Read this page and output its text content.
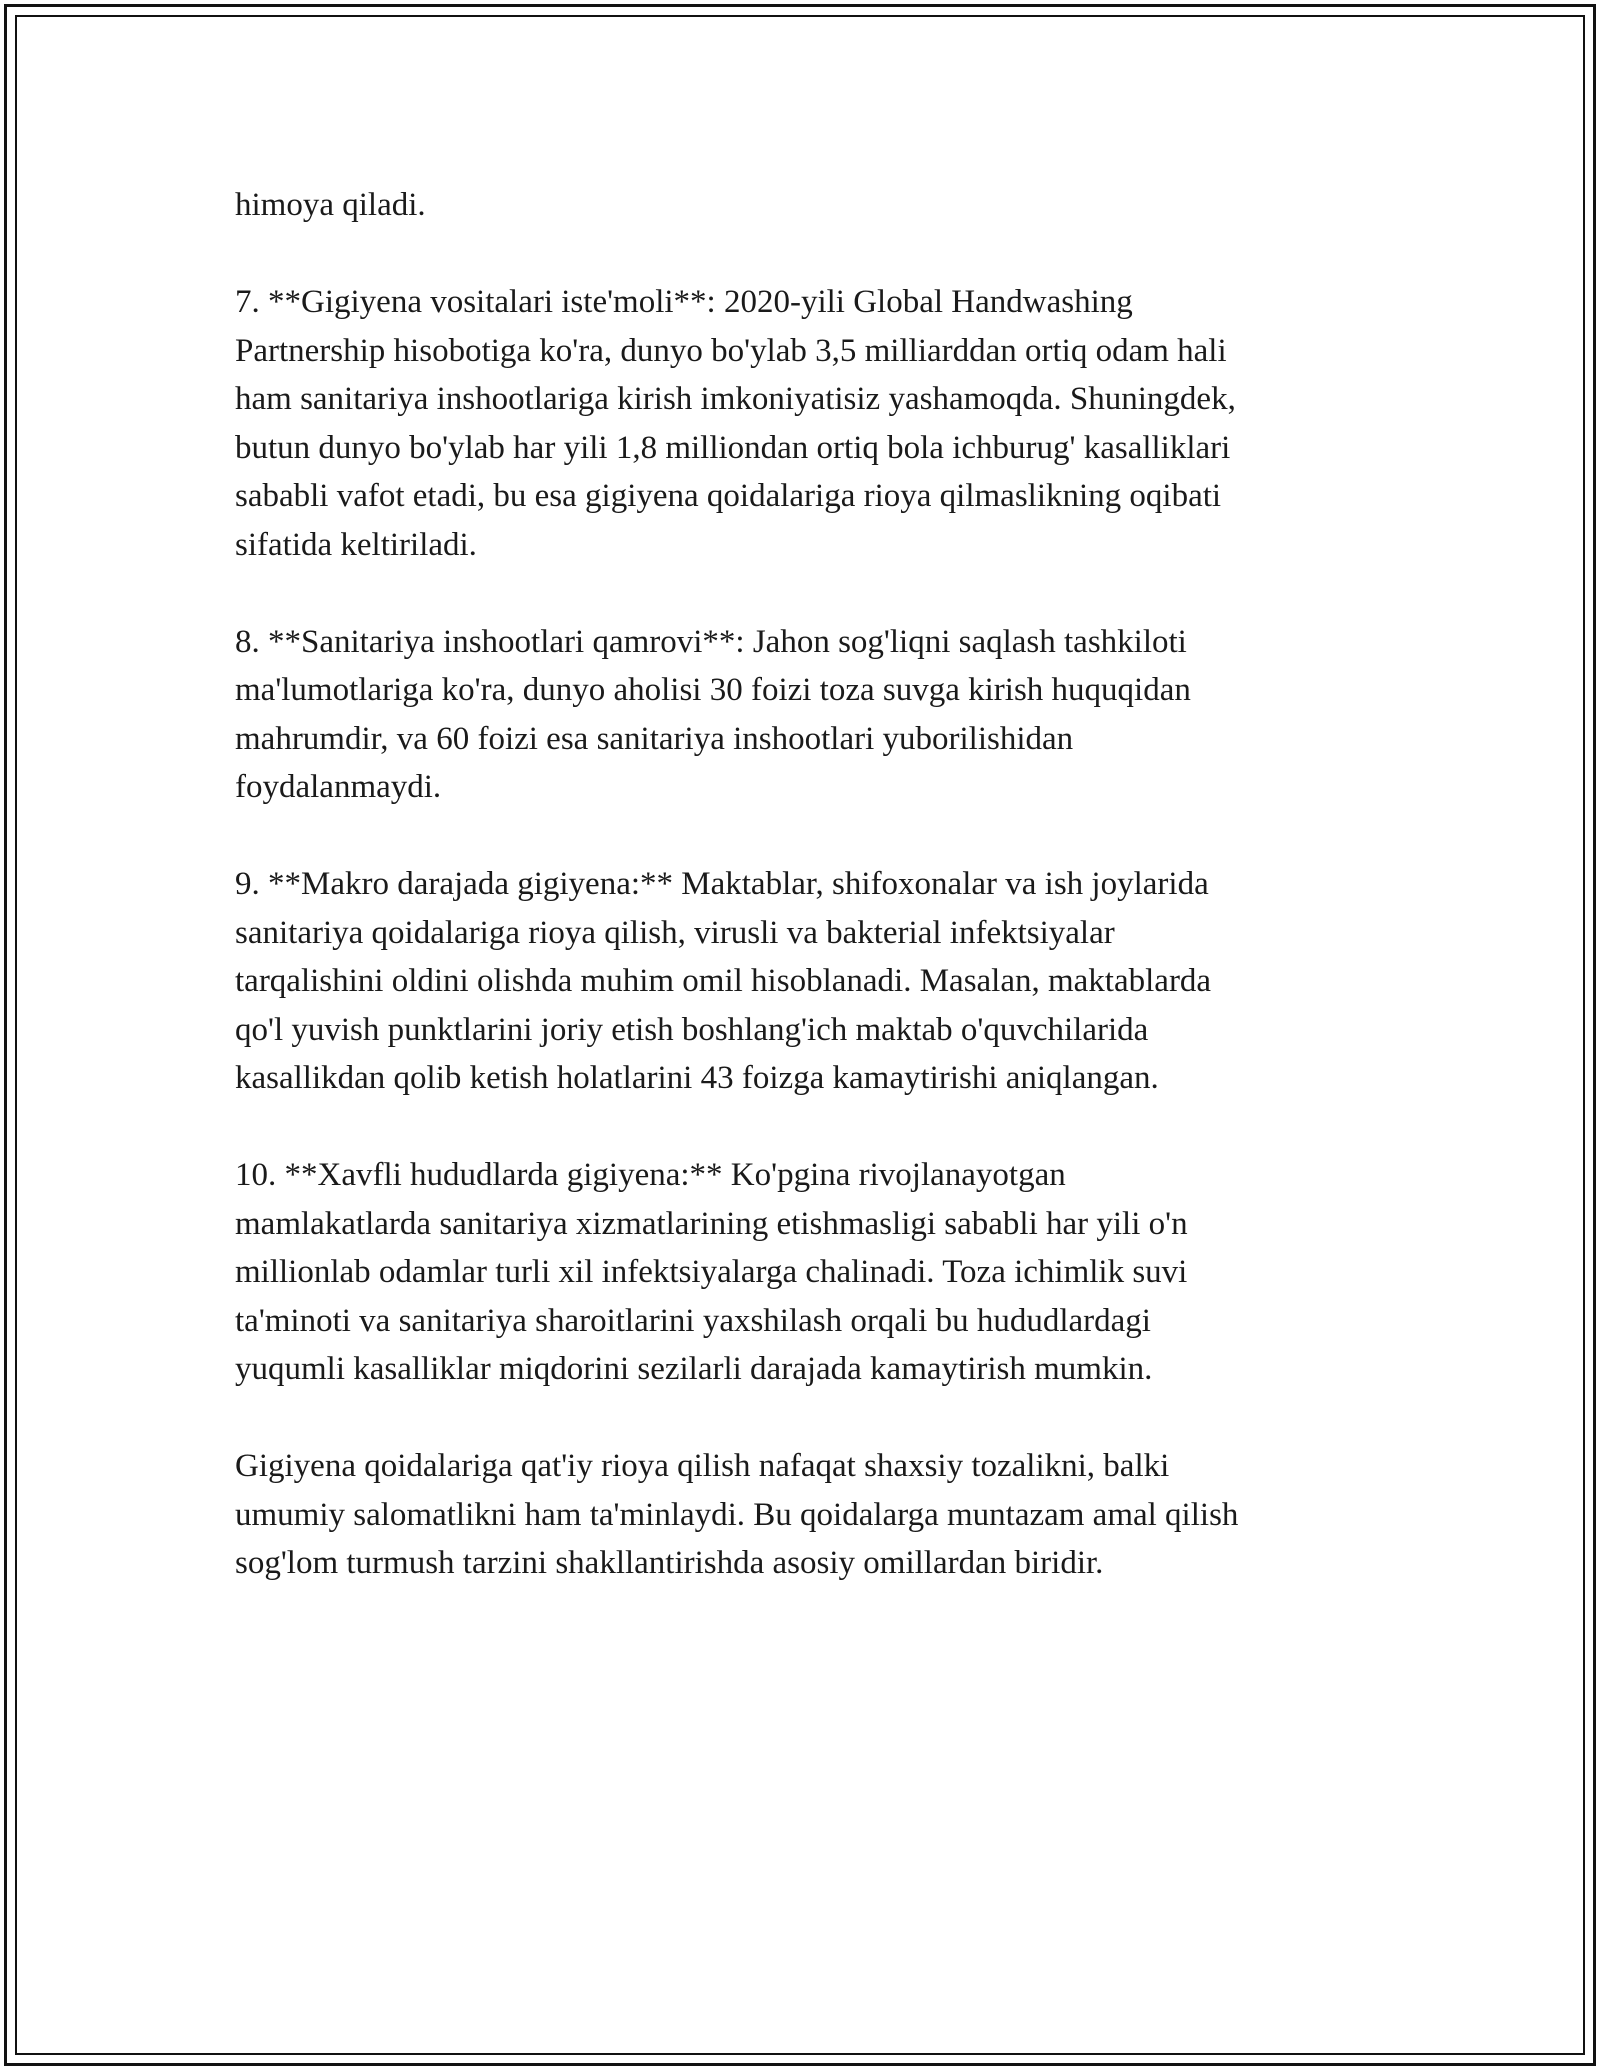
himoya qiladi.

7. **Gigiyena vositalari iste'moli**: 2020-yili Global Handwashing
Partnership hisobotiga ko'ra, dunyo bo'ylab 3,5 milliarddan ortiq odam hali
ham sanitariya inshootlariga kirish imkoniyatisiz yashamoqda. Shuningdek,
butun dunyo bo'ylab har yili 1,8 milliondan ortiq bola ichburug' kasalliklari
sababli vafot etadi, bu esa gigiyena qoidalariga rioya qilmaslikning oqibati
sifatida keltiriladi.

8. **Sanitariya inshootlari qamrovi**: Jahon sog'liqni saqlash tashkiloti
ma'lumotlariga ko'ra, dunyo aholisi 30 foizi toza suvga kirish huquqidan
mahrumdir, va 60 foizi esa sanitariya inshootlari yuborilishidan
foydalanmaydi.

9. **Makro darajada gigiyena:** Maktablar, shifoxonalar va ish joylarida
sanitariya qoidalariga rioya qilish, virusli va bakterial infektsiyalar
tarqalishini oldini olishda muhim omil hisoblanadi. Masalan, maktablarda
qo'l yuvish punktlarini joriy etish boshlang'ich maktab o'quvchilarida
kasallikdan qolib ketish holatlarini 43 foizga kamaytirishi aniqlangan.

10. **Xavfli hududlarda gigiyena:** Ko'pgina rivojlanayotgan
mamlakatlarda sanitariya xizmatlarining etishmasligi sababli har yili o'n
millionlab odamlar turli xil infektsiyalarga chalinadi. Toza ichimlik suvi
ta'minoti va sanitariya sharoitlarini yaxshilash orqali bu hududlardagi
yuqumli kasalliklar miqdorini sezilarli darajada kamaytirish mumkin.

Gigiyena qoidalariga qat'iy rioya qilish nafaqat shaxsiy tozalikni, balki
umumiy salomatlikni ham ta'minlaydi. Bu qoidalarga muntazam amal qilish
sog'lom turmush tarzini shakllantirishda asosiy omillardan biridir.
